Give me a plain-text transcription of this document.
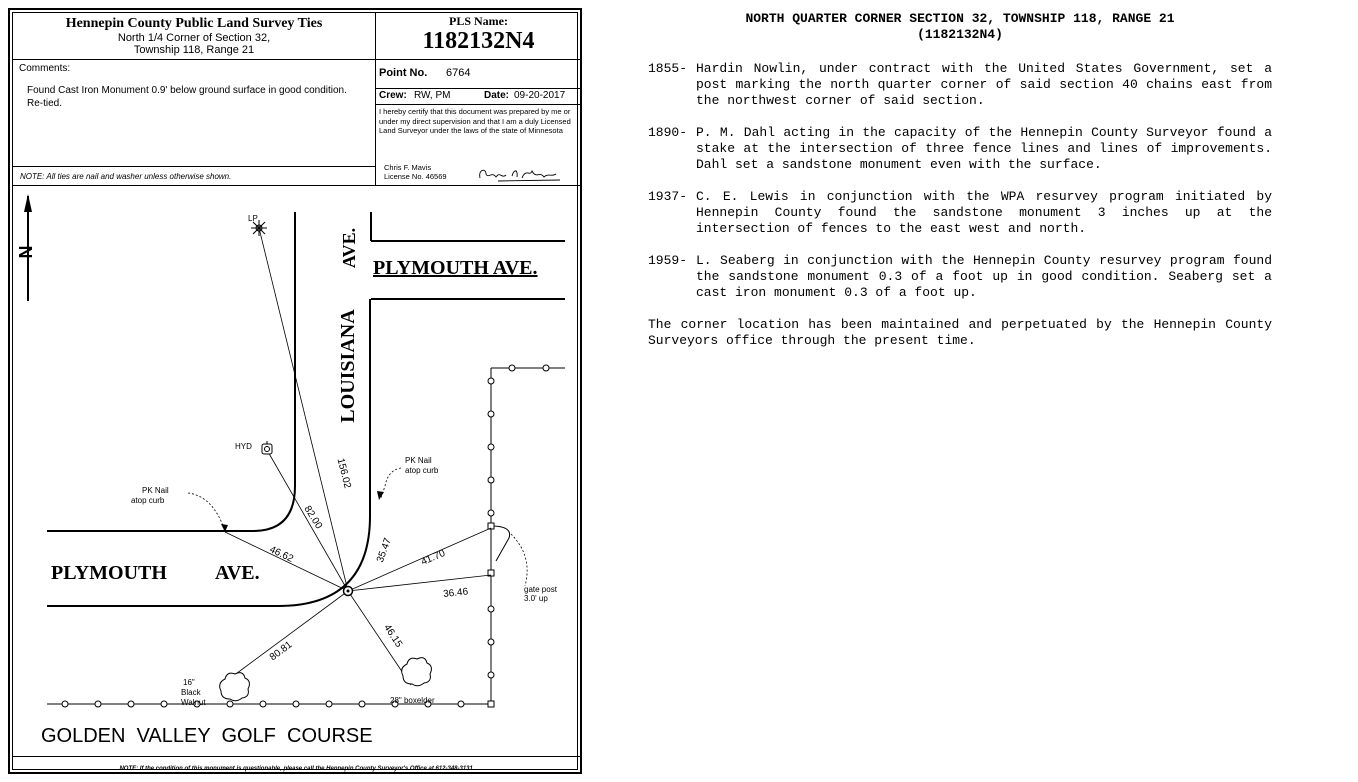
Hennepin County Public Land Survey Ties
North 1/4 Corner of Section 32,
Township 118, Range 21
PLS Name:
1182132N4
Comments:
Found Cast Iron Monument 0.9' below ground surface in good condition. Re-tied.
NOTE: All ties are nail and washer unless otherwise shown.
Point No. 6764
Crew: RW, PM	Date: 09-20-2017
I hereby certify that this document was prepared by me or under my direct supervision and that I am a duly Licensed Land Surveyor under the laws of the state of Minnesota
Chris F. Mavis
License No. 46569
N	AVE.
LOUISIANA
PLYMOUTH AVE.
PLYMOUTH AVE.
GOLDEN  VALLEY  GOLF  COURSE
LP
HYD
PK Nail
atop curb
PK Nail
atop curb
gate post
3.0' up
16"
Black
Walnut	28" boxelder
156.02
82.00
46.62	35.47	41.70
36.46
46.15
80.81
NOTE: If the condition of this monument is questionable, please call the Hennepin County Surveyor's Office at 612-348-3131.
NORTH QUARTER CORNER SECTION 32, TOWNSHIP 118, RANGE 21
(1182132N4)
1855- Hardin Nowlin, under contract with the United States Government, set a post marking the north quarter corner of said section 40 chains east from the northwest corner of said section.
1890- P. M. Dahl acting in the capacity of the Hennepin County Surveyor found a stake at the intersection of three fence lines and lines of improvements. Dahl set a sandstone monument even with the surface.
1937- C. E. Lewis in conjunction with the WPA resurvey program initiated by Hennepin County found the sandstone monument 3 inches up at the intersection of fences to the east west and north.
1959- L. Seaberg in conjunction with the Hennepin County resurvey program found the sandstone monument 0.3 of a foot up in good condition. Seaberg set a cast iron monument 0.3 of a foot up.
The corner location has been maintained and perpetuated by the Hennepin County Surveyors office through the present time.
